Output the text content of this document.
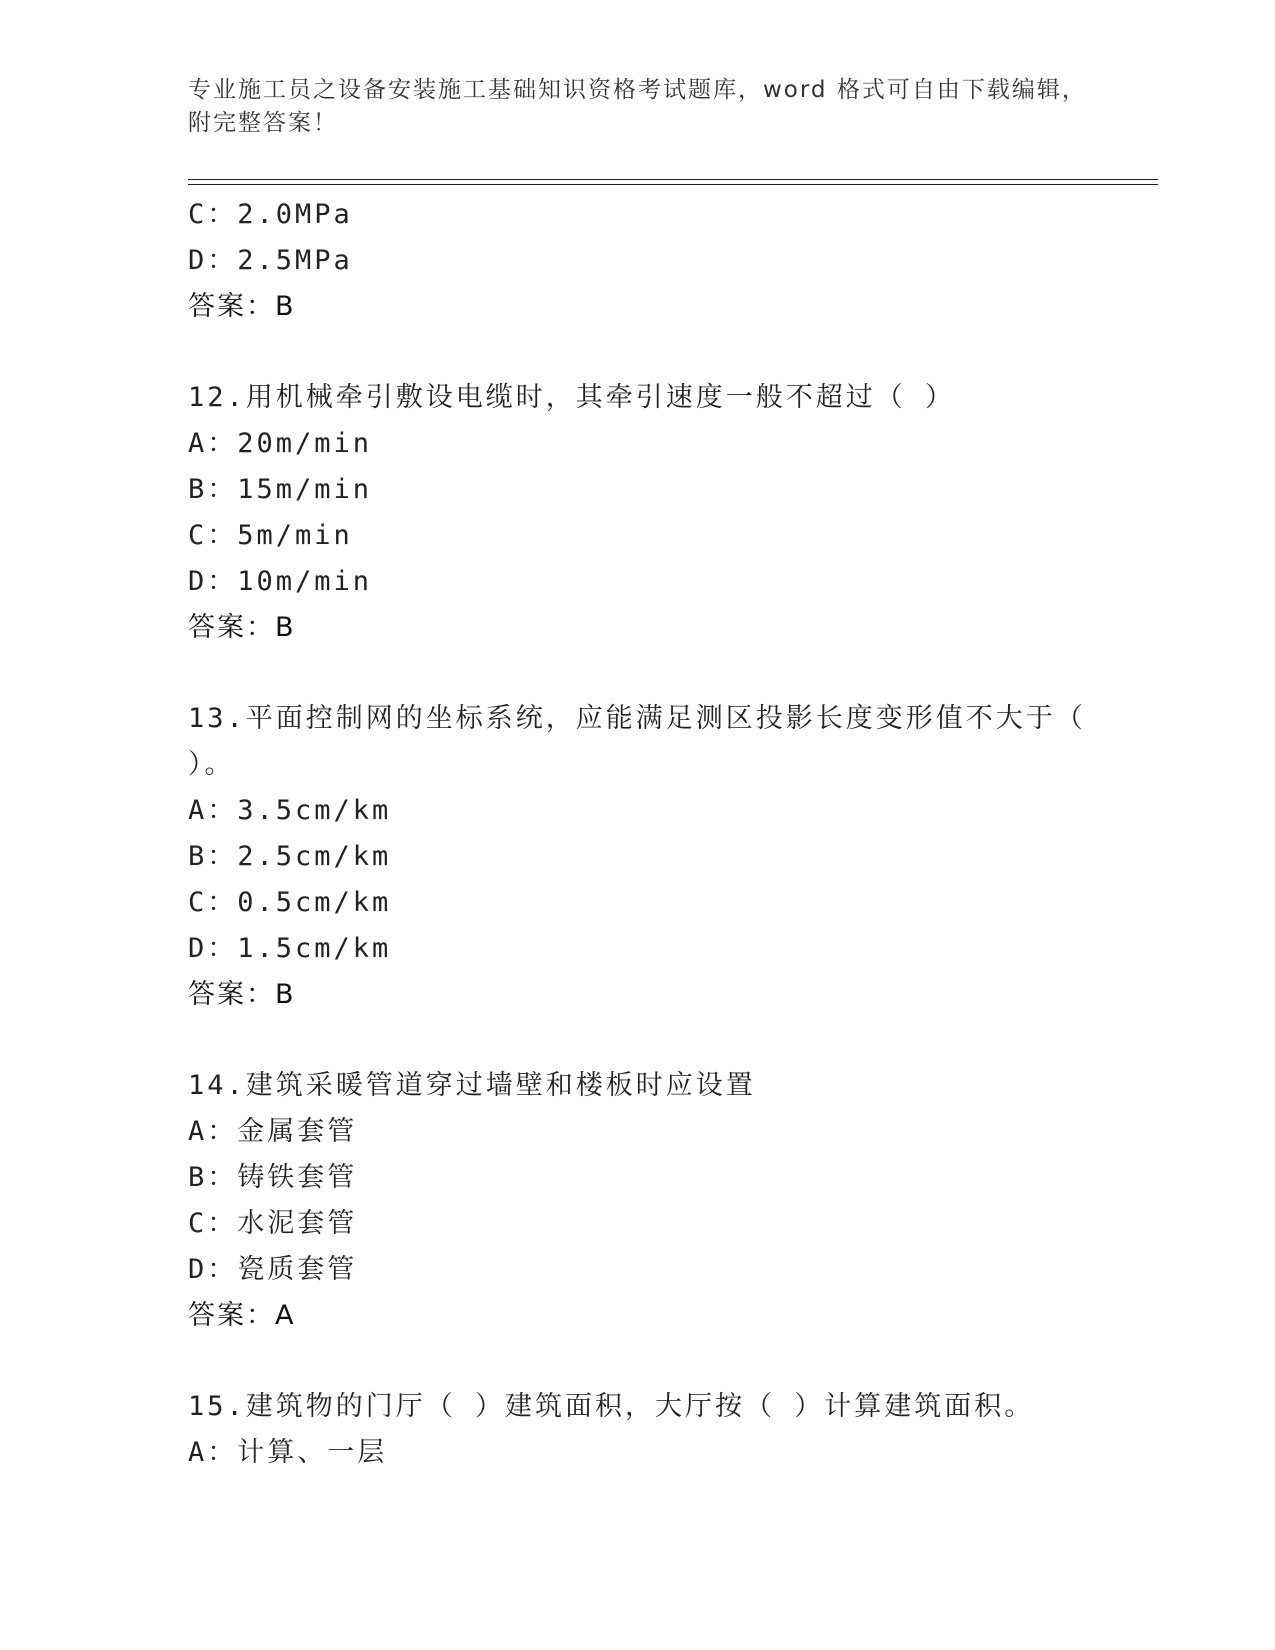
专业施工员之设备安装施工基础知识资格考试题库，word 格式可自由下载编辑，
附完整答案！
C：2.0MPa
D：2.5MPa
答案：B
12.用机械牵引敷设电缆时，其牵引速度一般不超过（ ）
A：20m/min
B：15m/min
C：5m/min
D：10m/min
答案：B
13.平面控制网的坐标系统，应能满足测区投影长度变形值不大于（
）。
A：3.5cm/km
B：2.5cm/km
C：0.5cm/km
D：1.5cm/km
答案：B
14.建筑采暖管道穿过墙壁和楼板时应设置
A：金属套管
B：铸铁套管
C：水泥套管
D：瓷质套管
答案：A
15.建筑物的门厅（ ）建筑面积，大厅按（ ）计算建筑面积。
A：计算、一层
